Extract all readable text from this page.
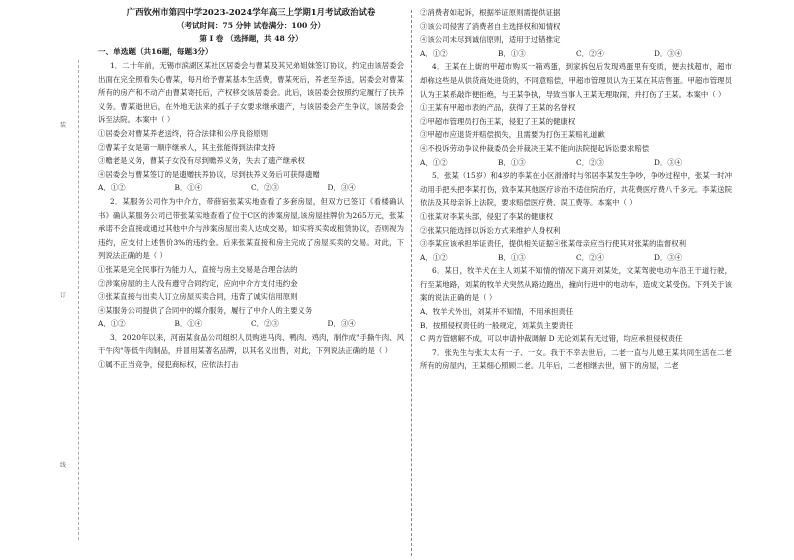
装
订
线

广西钦州市第四中学2023-2024学年高三上学期1月考试政治试卷

（考试时间：75 分钟 试卷满分：100 分）

第 I 卷 （选择题，共 48 分）

一、单选题（共16题，每题3分）

1．二十年前，无锡市滨湖区某社区居委会与曹某及其兄弟姐妹签订协议，约定由该居委会出面在完全照看失心曹某，每月给予曹某基本生活费，曹某死后，养老至养送，居委会对曹某所有的房产和不动产由曹某寄托后，产权移交该居委会。此后，该居委会按照约定履行了扶养义务。曹某逝世后，在外地无法来的孤子子女要求继承遗产，与该居委会产生争议，该居委会诉至法院。本案中（ ）

①居委会对曹某养老送终，符合法律和公序良俗原则

②曹某子女是第一顺序继承人，其主张能得到法律支持

③赡老是义务，曹某子女没有尽到赡养义务，失去了遗产继承权

④居委会与曹某签订的是遗赠扶养协议，尽到扶养义务后可获得遗赠

A．①②	B．①④	C．②③	D．③④

2．某服务公司作为中介方，带薛宿张某实地查看了多套房屋，但双方已签订《看楼确认书》确认某服务公司已带张某实地查看了位于C区的涉案房屋,该房屋挂牌价为265万元，张某承诺不会直接或通过其他中介与涉案房屋出卖人达成交易，如实将买卖或租赁协议，否则视为违约，应支付上述售价3%的违约金。后来张某直接和房主完成了房屋买卖的交易。对此，下列说法正确的是（ ）

①张某是完全民事行为能力人，直接与房主交易是合理合法的

②涉案房屋的主人没有遵守合同约定，应向中介方支付违约金

③张某直接与出卖人订立房屋买卖合同，违背了诚实信用原则

④某服务公司提供了合同中的媒介服务，履行了中介人的主要义务

A．①②	B．①④	C．②③	D．③④

3．2020年以来，河南某食品公司组织人员购进马肉、鸭肉、鸡肉，制作成"手撕牛肉、风干牛肉"等低牛肉制品，并冒用某著名品牌，以其名义出售，对此，下列说法正确的是（ ）

①属不正当竞争，侵犯商标权，应依法打击

②消费者如起诉，根据举证原则需提供证据

③该公司侵害了消费者自主选择权和知情权

④该公司未尽到诚信原则，适用于过错推定

A．①②	B．①③	C．②④	D．③④

4．王某在上街的甲超市购买一箱鸡蛋，到家拆包后发现鸡蛋里有变质，便去找超市，超市却称这些是从供货商处进货的，不同意赔偿，甲超市管理员认为王某在其店售蛋。甲超市管理员认为王某系敲诈便拒绝，与王某争执，导致当事人王某无理取闹，并打伤了王某。本案中（ ）

①王某有甲超市表的产品，获得了王某的名誉权

②甲超市管理员打伤王某，侵犯了王某的健康权

③甲超市应退货并赔偿损失，且需要为打伤王某赔礼道歉

④不投诉劳动争议仲裁委员会并裁决王某不能向法院提起诉讼要求赔偿

A．①②	B．①③	C．②③	D．③④

5．张某（15岁）和4岁的李某在小区滑滑时与邻居李某发生争吵，争吵过程中，张某一时冲动用手把头把李某打伤，致李某其他医疗诊治不适住院治疗，共花费医疗费八千多元。李某送院依法及其母亲诉上法院，要求赔偿医疗费、误工费等。本案中（ ）

①张某对李某头部，侵犯了李某的健康权

②张某只能选择以诉讼方式来维护人身权利

③李某应该承担举证责任，提供相关证据④张某母亲应当行使其对张某的监督权利

A．①②	B．①③	C．②④	D．③④

6．某日，牧羊犬在主人刘某不知情的情况下离开刘某处，文某驾驶电动车沿王干道行驶，行至某地路，刘某的牧羊犬突然从路边跑出，撞向行进中的电动车，造成文某受伤。下列关于该案的说法正确的是（ ）

A．牧羊犬外出，刘某并不知情，不用承担责任

B．按照侵权责任的一般规定，刘某负主要责任

C 两方管辖解不成，可以申请仲裁调解 D 无论刘某有无过错，均应承担侵权责任

7．张先生与张太太有一子、一女。我于不幸去世后，二老一直与儿媳王某共同生活在二老所有的房屋内，王某细心照顾二老。几年后，二老相继去世，留下的房屋，二老
